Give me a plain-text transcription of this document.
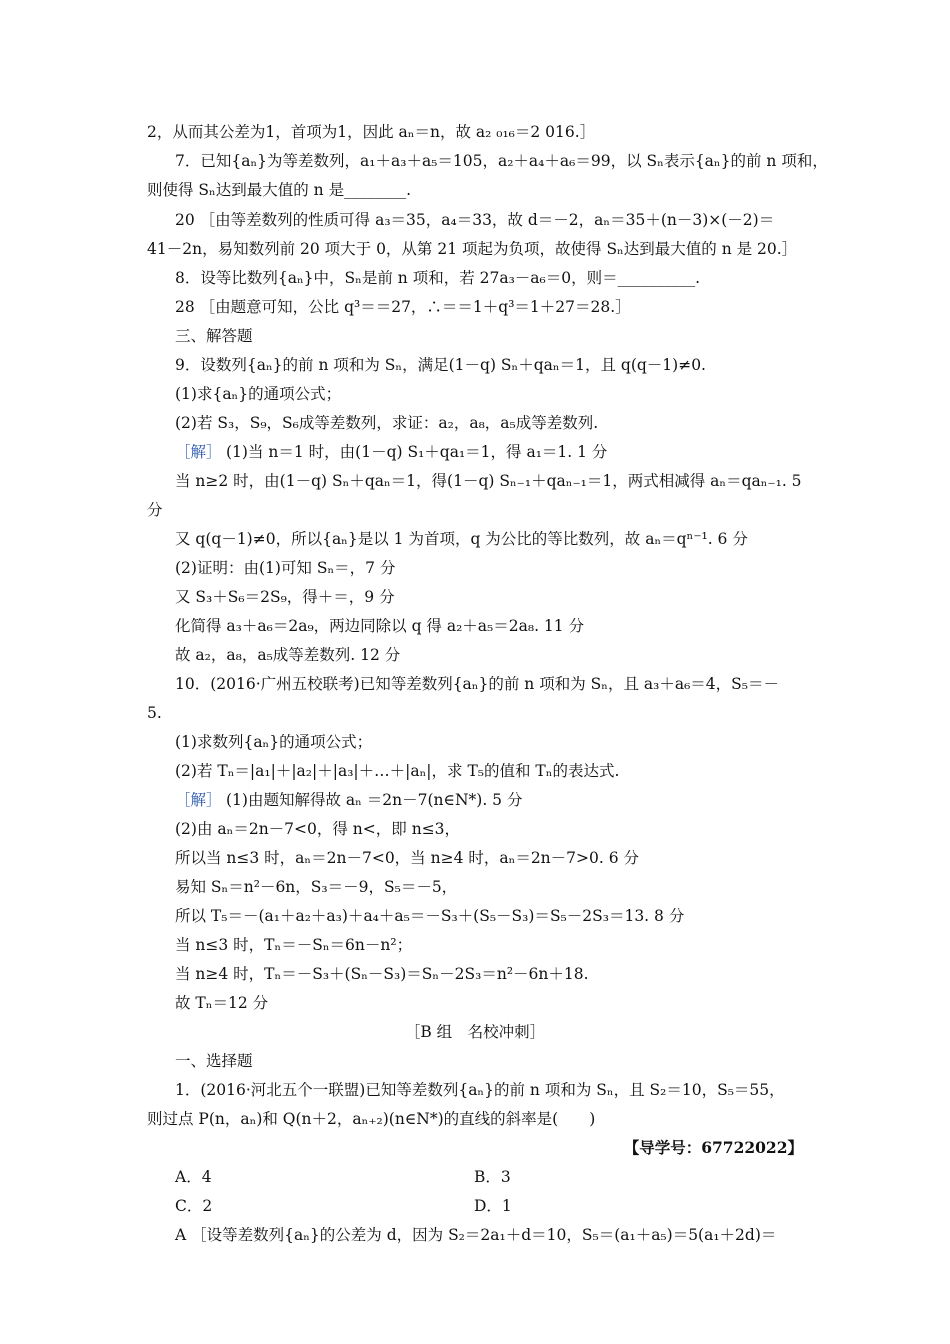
2，从而其公差为1，首项为1，因此 aₙ＝n，故 a₂ ₀₁₆＝2 016.］
7．已知{aₙ}为等差数列，a₁＋a₃＋a₅＝105，a₂＋a₄＋a₆＝99，以 Sₙ表示{aₙ}的前 n 项和，
则使得 Sₙ达到最大值的 n 是________.
20 ［由等差数列的性质可得 a₃＝35，a₄＝33，故 d＝－2，aₙ＝35＋(n－3)×(－2)＝
41－2n，易知数列前 20 项大于 0，从第 21 项起为负项，故使得 Sₙ达到最大值的 n 是 20.］
8．设等比数列{aₙ}中，Sₙ是前 n 项和，若 27a₃－a₆＝0，则＝__________.
28 ［由题意可知，公比 q³＝＝27，∴＝＝1＋q³＝1＋27＝28.］
三、解答题
9．设数列{aₙ}的前 n 项和为 Sₙ，满足(1－q) Sₙ＋qaₙ＝1，且 q(q－1)≠0.
(1)求{aₙ}的通项公式；
(2)若 S₃，S₉，S₆成等差数列，求证：a₂，a₈，a₅成等差数列.
［解］ (1)当 n＝1 时，由(1－q) S₁＋qa₁＝1，得 a₁＝1. 1 分
当 n≥2 时，由(1－q) Sₙ＋qaₙ＝1，得(1－q) Sₙ₋₁＋qaₙ₋₁＝1，两式相减得 aₙ＝qaₙ₋₁. 5
分
又 q(q－1)≠0，所以{aₙ}是以 1 为首项，q 为公比的等比数列，故 aₙ＝qⁿ⁻¹. 6 分
(2)证明：由(1)可知 Sₙ＝，7 分
又 S₃＋S₆＝2S₉，得＋＝，9 分
化简得 a₃＋a₆＝2a₉，两边同除以 q 得 a₂＋a₅＝2a₈. 11 分
故 a₂，a₈，a₅成等差数列. 12 分
10．(2016·广州五校联考)已知等差数列{aₙ}的前 n 项和为 Sₙ，且 a₃＋a₆＝4，S₅＝－
5.
(1)求数列{aₙ}的通项公式；
(2)若 Tₙ＝|a₁|＋|a₂|＋|a₃|＋…＋|aₙ|，求 T₅的值和 Tₙ的表达式.
［解］ (1)由题知解得故 aₙ ＝2n－7(n∈N*). 5 分
(2)由 aₙ＝2n－7<0，得 n<，即 n≤3，
所以当 n≤3 时，aₙ＝2n－7<0，当 n≥4 时，aₙ＝2n－7>0. 6 分
易知 Sₙ＝n²－6n，S₃＝－9，S₅＝－5，
所以 T₅＝－(a₁＋a₂＋a₃)＋a₄＋a₅＝－S₃＋(S₅－S₃)＝S₅－2S₃＝13. 8 分
当 n≤3 时，Tₙ＝－Sₙ＝6n－n²；
当 n≥4 时，Tₙ＝－S₃＋(Sₙ－S₃)＝Sₙ－2S₃＝n²－6n＋18.
故 Tₙ＝12 分
［B 组　名校冲刺］
一、选择题
1．(2016·河北五个一联盟)已知等差数列{aₙ}的前 n 项和为 Sₙ，且 S₂＝10，S₅＝55，
则过点 P(n，aₙ)和 Q(n＋2，aₙ₊₂)(n∈N*)的直线的斜率是(　　)
【导学号：67722022】
A．4	B．3
C．2	D．1
A ［设等差数列{aₙ}的公差为 d，因为 S₂＝2a₁＋d＝10，S₅＝(a₁＋a₅)＝5(a₁＋2d)＝
